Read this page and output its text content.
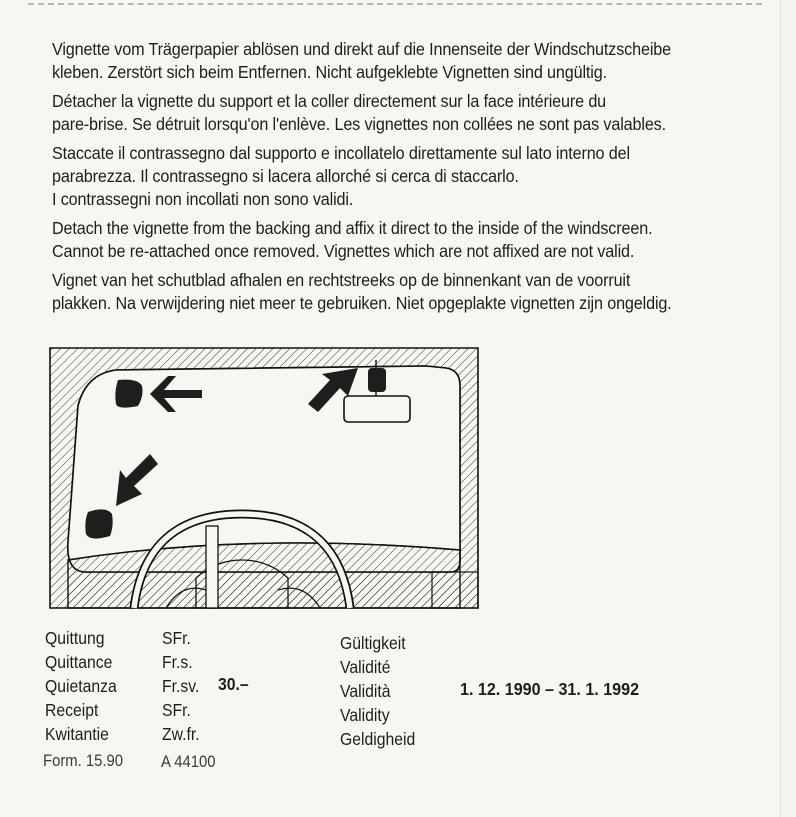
Vignette vom Trägerpapier ablösen und direkt auf die Innenseite der Windschutzscheibe
kleben. Zerstört sich beim Entfernen. Nicht aufgeklebte Vignetten sind ungültig.

Détacher la vignette du support et la coller directement sur la face intérieure du
pare-brise. Se détruit lorsqu'on l'enlève. Les vignettes non collées ne sont pas valables.

Staccate il contrassegno dal supporto e incollatelo direttamente sul lato interno del
parabrezza. Il contrassegno si lacera allorché si cerca di staccarlo.
I contrassegni non incollati non sono validi.

Detach the vignette from the backing and affix it direct to the inside of the windscreen.
Cannot be re-attached once removed. Vignettes which are not affixed are not valid.

Vignet van het schutblad afhalen en rechtstreeks op de binnenkant van de voorruit
plakken. Na verwijdering niet meer te gebruiken. Niet opgeplakte vignetten zijn ongeldig.

Quittung
Quittance
Quietanza
Receipt
Kwitantie
SFr.
Fr.s.
Fr.sv.
SFr.
Zw.fr.
30.–
Gültigkeit
Validité
Validità
Validity
Geldigheid
1. 12. 1990 – 31. 1. 1992
Form. 15.90 A 44100
